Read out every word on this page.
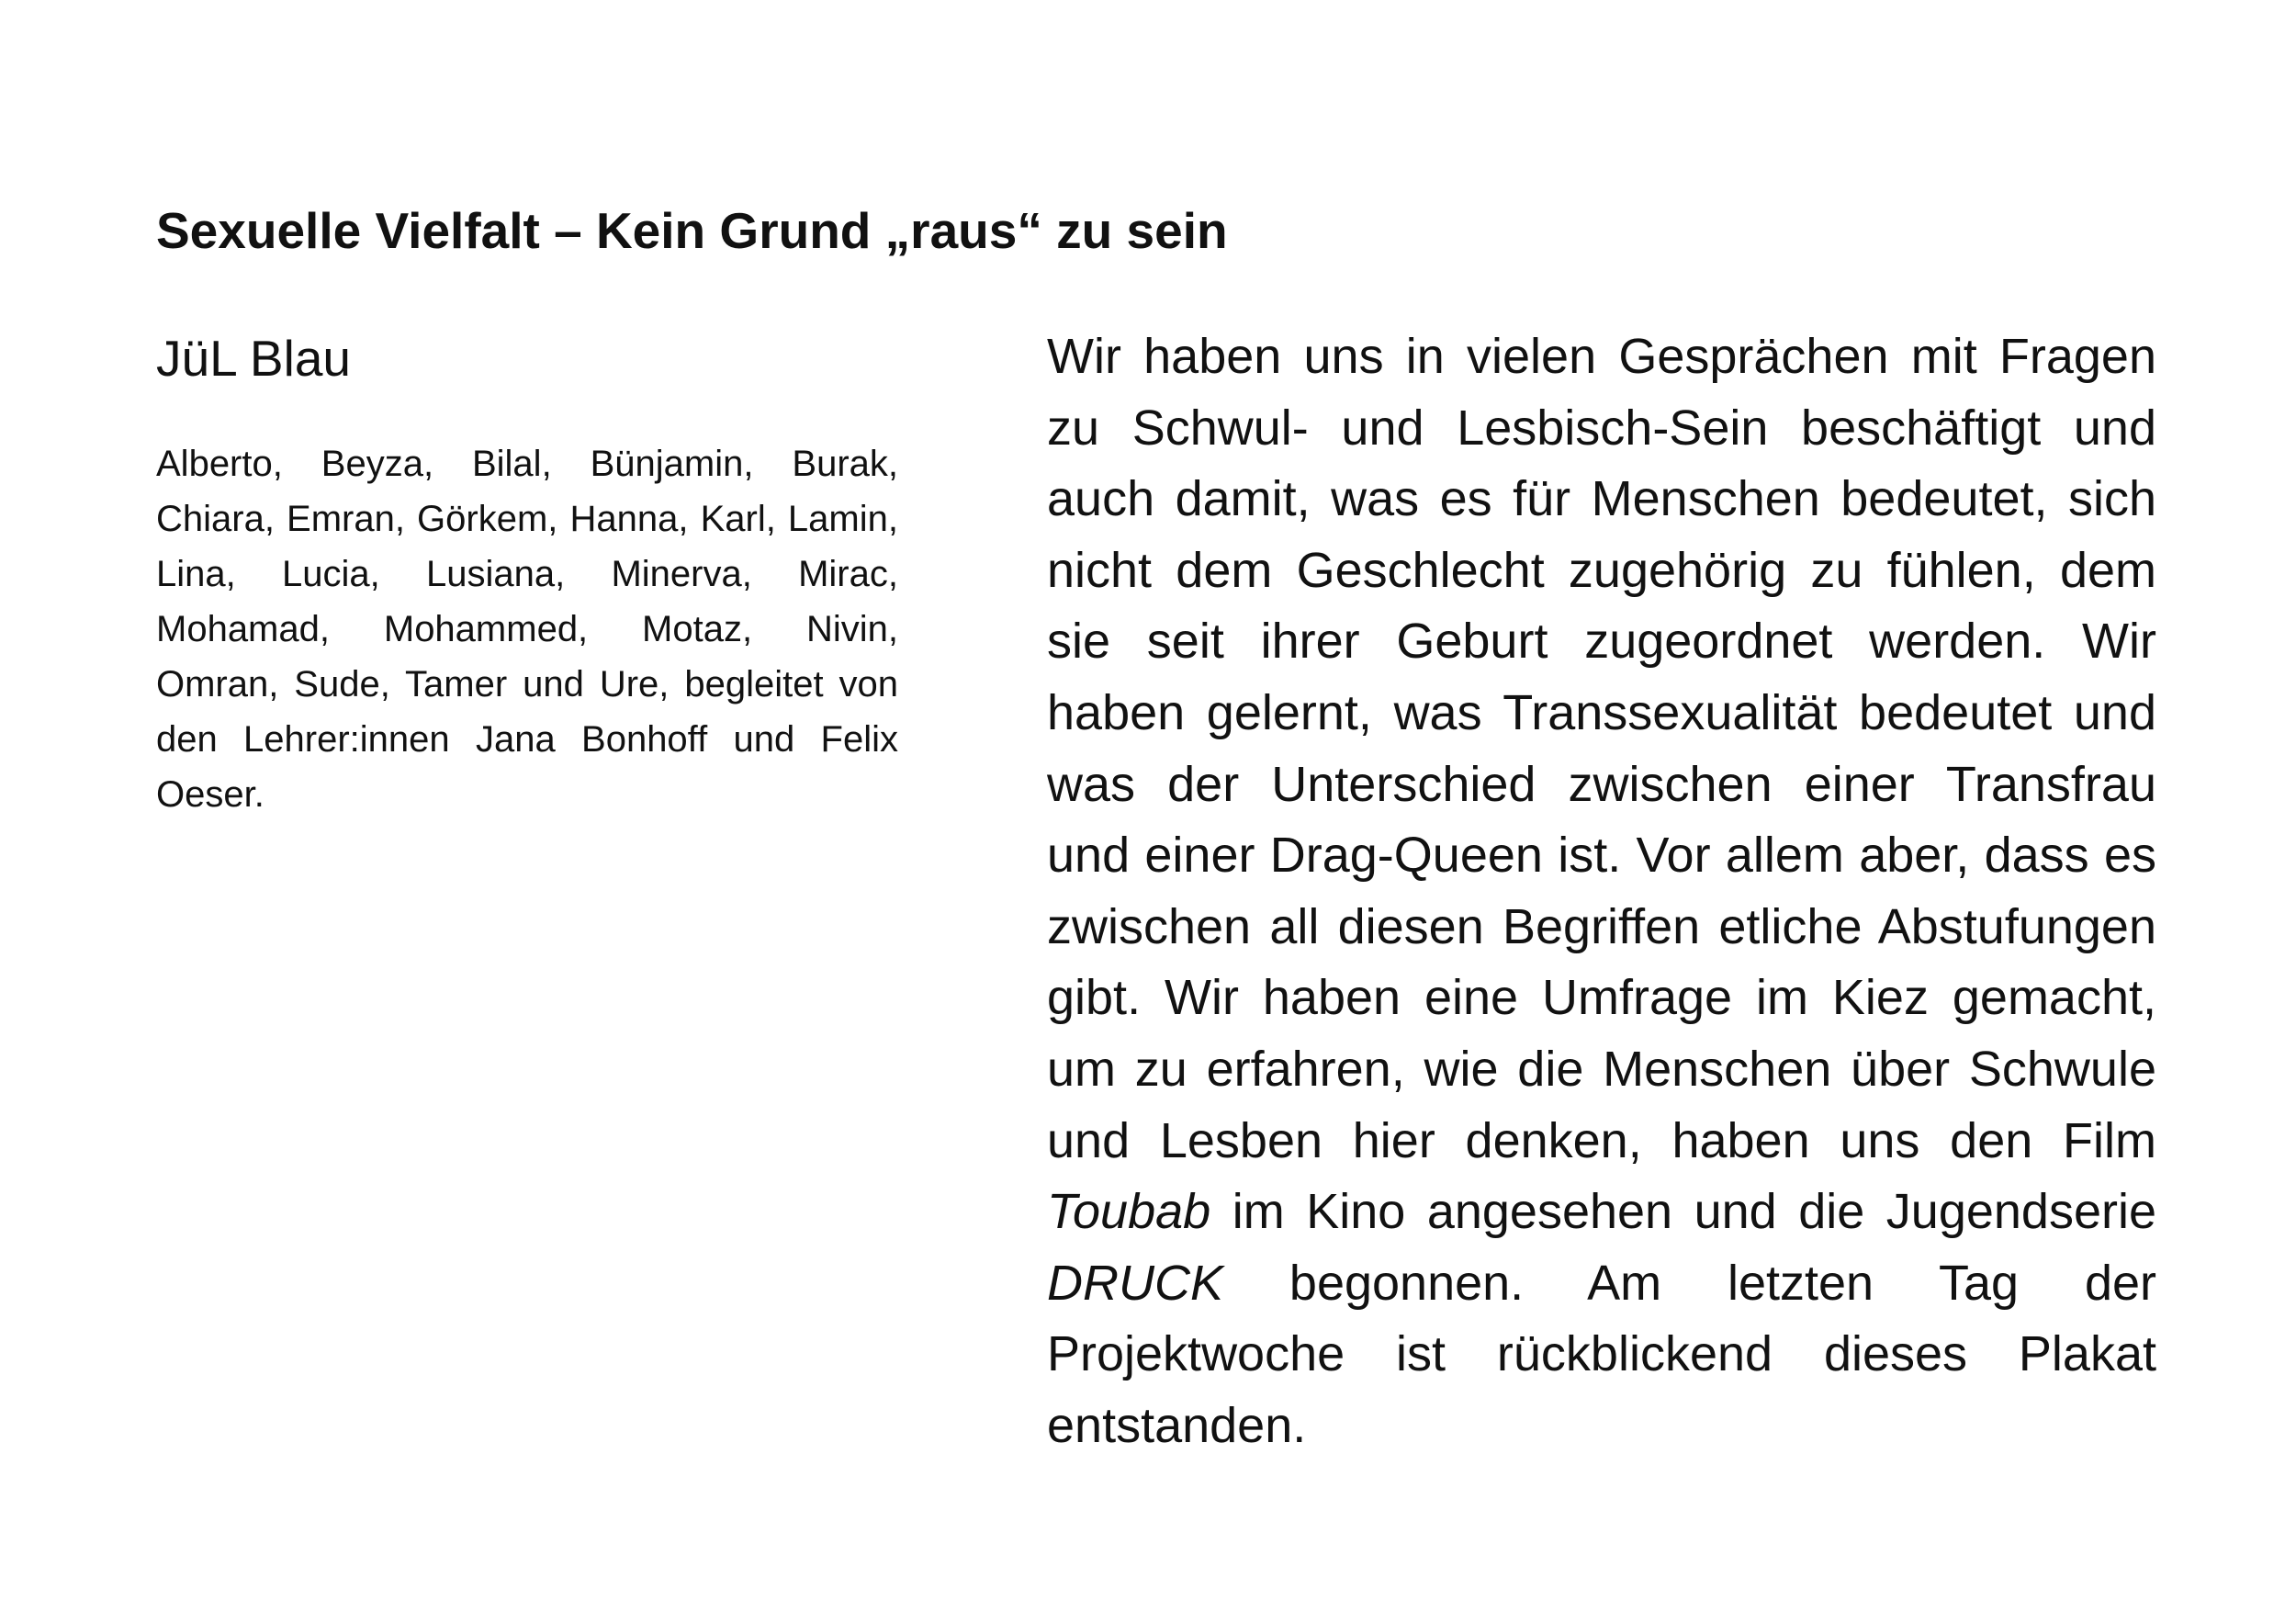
Sexuelle Vielfalt – Kein Grund „raus“ zu sein
JüL Blau

Alberto, Beyza, Bilal, Bünjamin, Burak, Chiara, Emran, Görkem, Hanna, Karl, Lamin, Lina, Lucia, Lusiana, Minerva, Mirac, Mohamad, Mohammed, Motaz, Nivin, Omran, Sude, Tamer und Ure, begleitet von den Lehrer:innen Jana Bonhoff und Felix Oeser.

Wir haben uns in vielen Gesprächen mit Fragen zu Schwul- und Lesbisch-Sein beschäftigt und auch damit, was es für Menschen bedeutet, sich nicht dem Geschlecht zugehörig zu fühlen, dem sie seit ihrer Geburt zugeordnet werden. Wir haben gelernt, was Transsexualität bedeutet und was der Unterschied zwischen einer Transfrau und einer Drag-Queen ist. Vor allem aber, dass es zwischen all diesen Begriffen etliche Abstufungen gibt. Wir haben eine Umfrage im Kiez gemacht, um zu erfahren, wie die Menschen über Schwule und Lesben hier denken, haben uns den Film Toubab im Kino angesehen und die Jugendserie DRUCK begonnen. Am letzten Tag der Projektwoche ist rückblickend dieses Plakat entstanden.
